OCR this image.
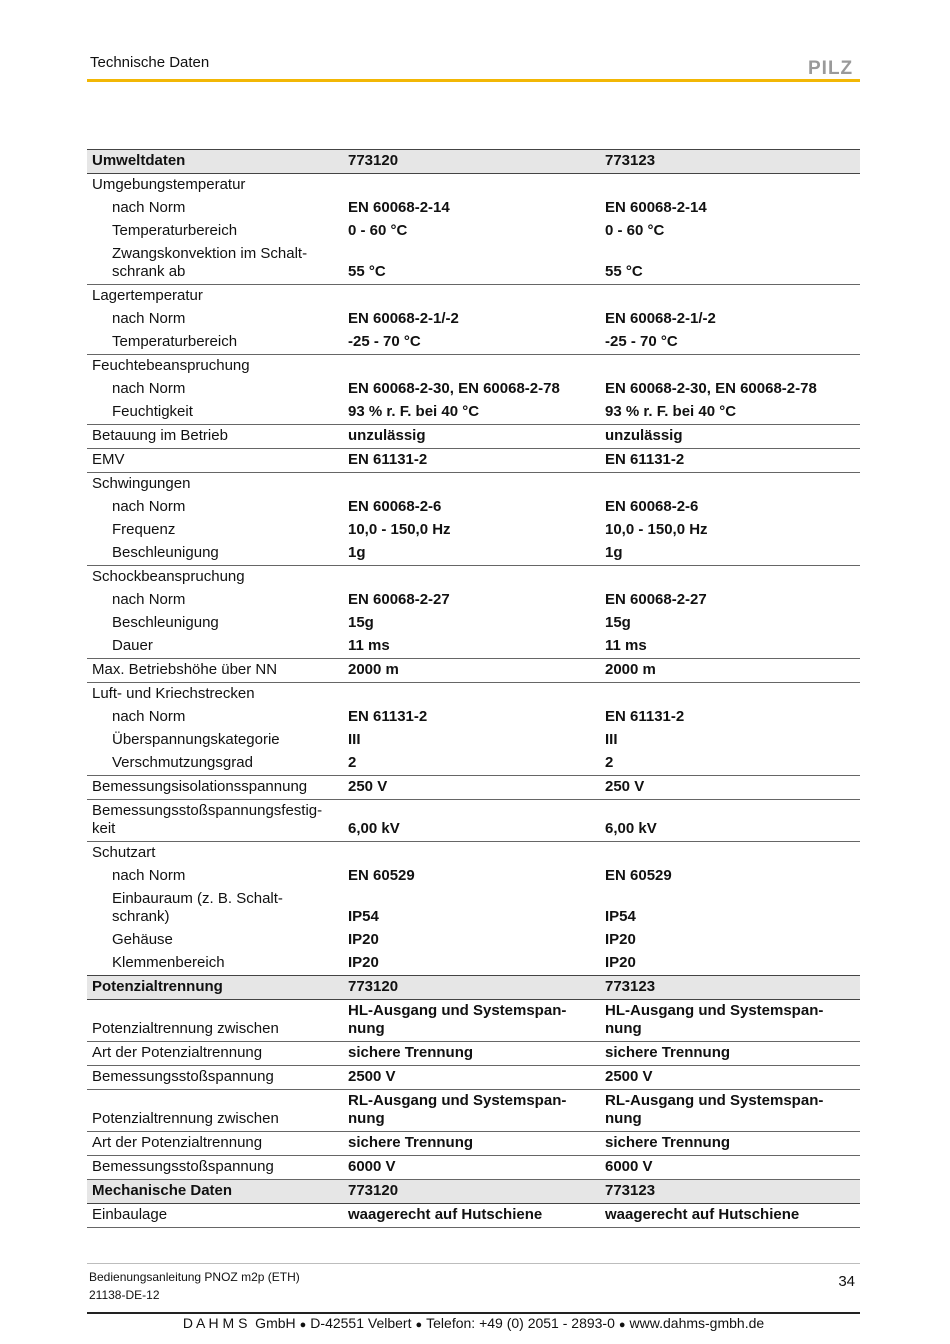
Technische Daten	PILZ
Umweltdaten	773120	773123
Umgebungstemperatur		
nach Norm	EN 60068-2-14	EN 60068-2-14
Temperaturbereich	0 - 60 °C	0 - 60 °C
Zwangskonvektion im Schalt- schrank ab	55 °C	55 °C
Lagertemperatur		
nach Norm	EN 60068-2-1/-2	EN 60068-2-1/-2
Temperaturbereich	-25 - 70 °C	-25 - 70 °C
Feuchtebeanspruchung		
nach Norm	EN 60068-2-30, EN 60068-2-78	EN 60068-2-30, EN 60068-2-78
Feuchtigkeit	93 % r. F. bei 40 °C	93 % r. F. bei 40 °C
Betauung im Betrieb	unzulässig	unzulässig
EMV	EN 61131-2	EN 61131-2
Schwingungen		
nach Norm	EN 60068-2-6	EN 60068-2-6
Frequenz	10,0 - 150,0 Hz	10,0 - 150,0 Hz
Beschleunigung	1g	1g
Schockbeanspruchung		
nach Norm	EN 60068-2-27	EN 60068-2-27
Beschleunigung	15g	15g
Dauer	11 ms	11 ms
Max. Betriebshöhe über NN	2000 m	2000 m
Luft- und Kriechstrecken		
nach Norm	EN 61131-2	EN 61131-2
Überspannungskategorie	III	III
Verschmutzungsgrad	2	2
Bemessungsisolationsspannung	250 V	250 V
Bemessungsstoßspannungsfestig- keit	6,00 kV	6,00 kV
Schutzart		
nach Norm	EN 60529	EN 60529
Einbauraum (z. B. Schalt- schrank)	IP54	IP54
Gehäuse	IP20	IP20
Klemmenbereich	IP20	IP20
Potenzialtrennung	773120	773123
Potenzialtrennung zwischen	HL-Ausgang und Systemspan- nung	HL-Ausgang und Systemspan- nung
Art der Potenzialtrennung	sichere Trennung	sichere Trennung
Bemessungsstoßspannung	2500 V	2500 V
Potenzialtrennung zwischen	RL-Ausgang und Systemspan- nung	RL-Ausgang und Systemspan- nung
Art der Potenzialtrennung	sichere Trennung	sichere Trennung
Bemessungsstoßspannung	6000 V	6000 V
Mechanische Daten	773120	773123
Einbaulage	waagerecht auf Hutschiene	waagerecht auf Hutschiene
Bedienungsanleitung PNOZ m2p (ETH)
21138-DE-12
34
D A H M S  GmbH ● D-42551 Velbert ● Telefon: +49 (0) 2051 - 2893-0 ● www.dahms-gmbh.de
